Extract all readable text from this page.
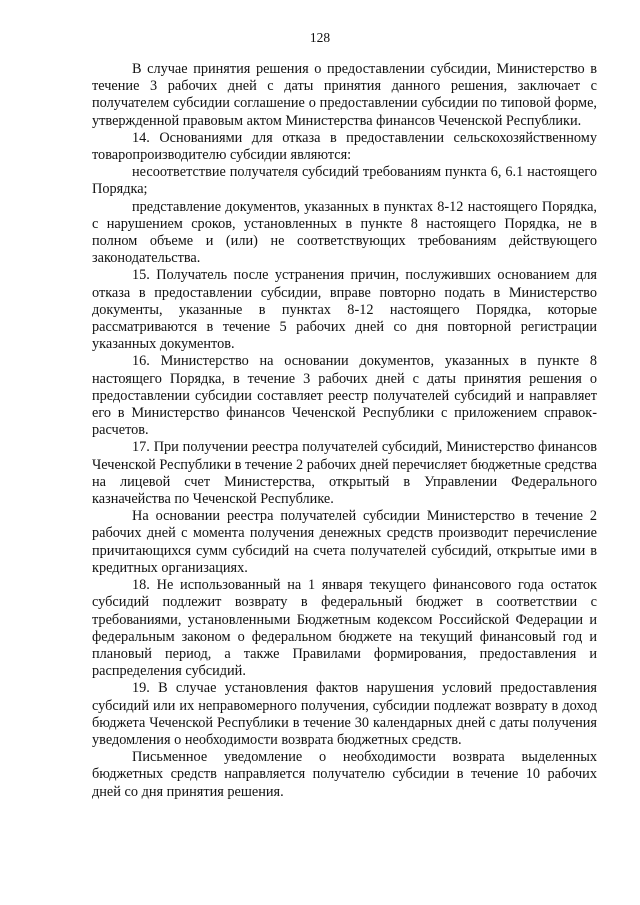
128

В случае принятия решения о предоставлении субсидии, Министерство в течение 3 рабочих дней с даты принятия данного решения, заключает с получателем субсидии соглашение о предоставлении субсидии по типовой форме, утвержденной правовым актом Министерства финансов Чеченской Республики.

14. Основаниями для отказа в предоставлении сельскохозяйственному товаропроизводителю субсидии являются:

несоответствие получателя субсидий требованиям пункта 6, 6.1 настоящего Порядка;

представление документов, указанных в пунктах 8-12 настоящего Порядка, с нарушением сроков, установленных в пункте 8 настоящего Порядка, не в полном объеме и (или) не соответствующих требованиям действующего законодательства.

15. Получатель после устранения причин, послуживших основанием для отказа в предоставлении субсидии, вправе повторно подать в Министерство документы, указанные в пунктах 8-12 настоящего Порядка, которые рассматриваются в течение 5 рабочих дней со дня повторной регистрации указанных документов.

16. Министерство на основании документов, указанных в пункте 8 настоящего Порядка, в течение 3 рабочих дней с даты принятия решения о предоставлении субсидии составляет реестр получателей субсидий и направляет его в Министерство финансов Чеченской Республики с приложением справок-расчетов.

17. При получении реестра получателей субсидий, Министерство финансов Чеченской Республики в течение 2 рабочих дней перечисляет бюджетные средства на лицевой счет Министерства, открытый в Управлении Федерального казначейства по Чеченской Республике.

На основании реестра получателей субсидии Министерство в течение 2 рабочих дней с момента получения денежных средств производит перечисление причитающихся сумм субсидий на счета получателей субсидий, открытые ими в кредитных организациях.

18. Не использованный на 1 января текущего финансового года остаток субсидий подлежит возврату в федеральный бюджет в соответствии с требованиями, установленными Бюджетным кодексом Российской Федерации и федеральным законом о федеральном бюджете на текущий финансовый год и плановый период, а также Правилами формирования, предоставления и распределения субсидий.

19. В случае установления фактов нарушения условий предоставления субсидий или их неправомерного получения, субсидии подлежат возврату в доход бюджета Чеченской Республики в течение 30 календарных дней с даты получения уведомления о необходимости возврата бюджетных средств.

Письменное уведомление о необходимости возврата выделенных бюджетных средств направляется получателю субсидии в течение 10 рабочих дней со дня принятия решения.
